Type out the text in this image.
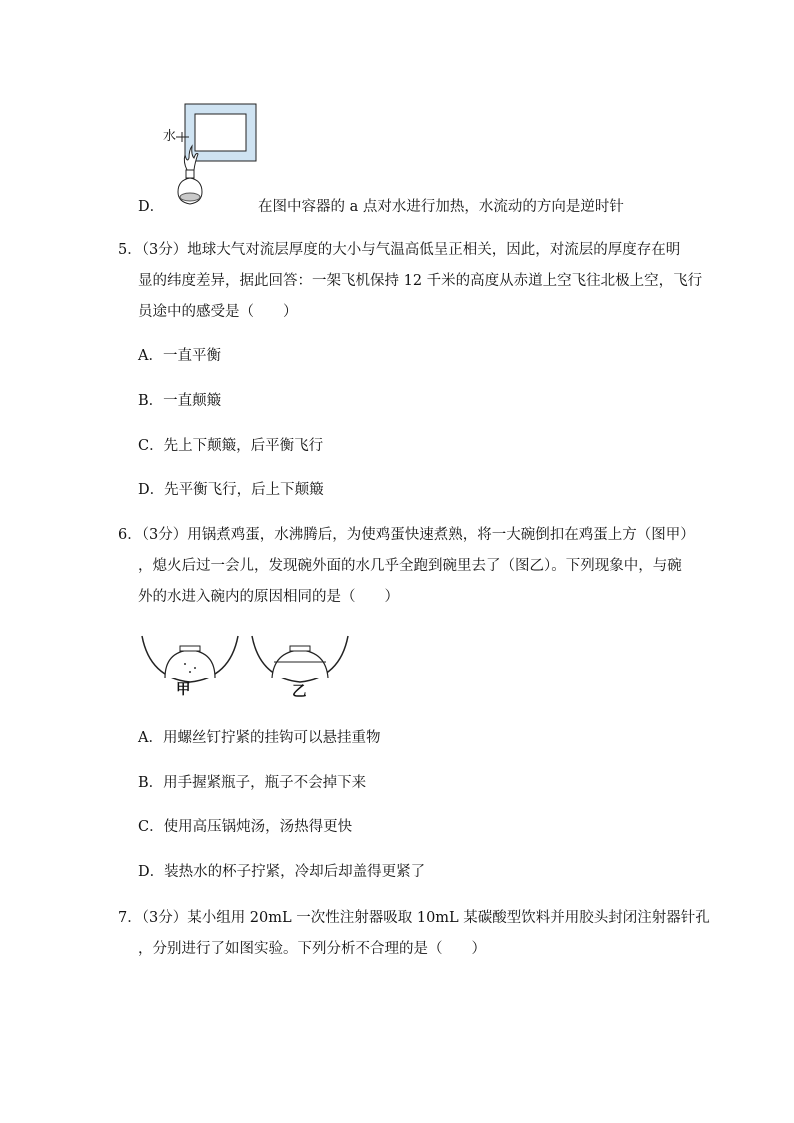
水
D．	在图中容器的 a 点对水进行加热，水流动的方向是逆时针
5．（3分）地球大气对流层厚度的大小与气温高低呈正相关，因此，对流层的厚度存在明
显的纬度差异，据此回答：一架飞机保持 12 千米的高度从赤道上空飞往北极上空，飞行
员途中的感受是（　　）
A．一直平衡
B．一直颠簸
C．先上下颠簸，后平衡飞行
D．先平衡飞行，后上下颠簸
6．（3分）用锅煮鸡蛋，水沸腾后，为使鸡蛋快速煮熟，将一大碗倒扣在鸡蛋上方（图甲）
，熄火后过一会儿，发现碗外面的水几乎全跑到碗里去了（图乙）。下列现象中，与碗
外的水进入碗内的原因相同的是（　　）
甲	乙
A．用螺丝钉拧紧的挂钩可以悬挂重物
B．用手握紧瓶子，瓶子不会掉下来
C．使用高压锅炖汤，汤热得更快
D．装热水的杯子拧紧，冷却后却盖得更紧了
7．（3分）某小组用 20mL 一次性注射器吸取 10mL 某碳酸型饮料并用胶头封闭注射器针孔
，分别进行了如图实验。下列分析不合理的是（　　）
